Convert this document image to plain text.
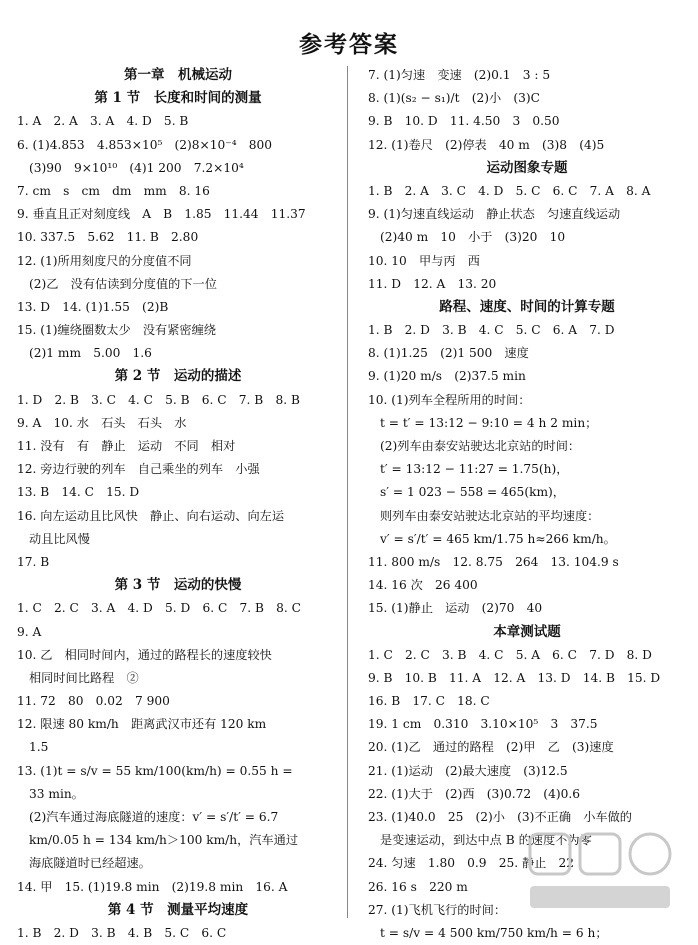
参考答案
第一章　机械运动
第 1 节　长度和时间的测量
1. A　2. A　3. A　4. D　5. B
6. (1)4.853　4.853×10⁵　(2)8×10⁻⁴　800
(3)90　9×10¹⁰　(4)1 200　7.2×10⁴
7. cm　s　cm　dm　mm　8. 16
9. 垂直且正对刻度线　A　B　1.85　11.44　11.37
10. 337.5　5.62　11. B　2.80
12. (1)所用刻度尺的分度值不同
(2)乙　没有估读到分度值的下一位
13. D　14. (1)1.55　(2)B
15. (1)缠绕圈数太少　没有紧密缠绕
(2)1 mm　5.00　1.6
第 2 节　运动的描述
1. D　2. B　3. C　4. C　5. B　6. C　7. B　8. B
9. A　10. 水　石头　石头　水
11. 没有　有　静止　运动　不同　相对
12. 旁边行驶的列车　自己乘坐的列车　小强
13. B　14. C　15. D
16. 向左运动且比风快　静止、向右运动、向左运
动且比风慢
17. B
第 3 节　运动的快慢
1. C　2. C　3. A　4. D　5. D　6. C　7. B　8. C
9. A
10. 乙　相同时间内，通过的路程长的速度较快
相同时间比路程　②
11. 72　80　0.02　7 900
12. 限速 80 km/h　距离武汉市还有 120 km
1.5
13. (1)t = s/v = 55 km/100(km/h) = 0.55 h =
33 min。
(2)汽车通过海底隧道的速度：v′ = s′/t′ = 6.7
km/0.05 h = 134 km/h＞100 km/h，汽车通过
海底隧道时已经超速。
14. 甲　15. (1)19.8 min　(2)19.8 min　16. A
第 4 节　测量平均速度
1. B　2. D　3. B　4. B　5. C　6. C
7. (1)匀速　变速　(2)0.1　3 : 5
8. (1)(s₂ − s₁)/t　(2)小　(3)C
9. B　10. D　11. 4.50　3　0.50
12. (1)卷尺　(2)停表　40 m　(3)8　(4)5
运动图象专题
1. B　2. A　3. C　4. D　5. C　6. C　7. A　8. A
9. (1)匀速直线运动　静止状态　匀速直线运动
(2)40 m　10　小于　(3)20　10
10. 10　甲与丙　西
11. D　12. A　13. 20
路程、速度、时间的计算专题
1. B　2. D　3. B　4. C　5. C　6. A　7. D
8. (1)1.25　(2)1 500　速度
9. (1)20 m/s　(2)37.5 min
10. (1)列车全程所用的时间：
t = t′ = 13:12 − 9:10 = 4 h 2 min；
(2)列车由泰安站驶达北京站的时间：
t′ = 13:12 − 11:27 = 1.75(h)，
s′ = 1 023 − 558 = 465(km)，
则列车由泰安站驶达北京站的平均速度：
v′ = s′/t′ = 465 km/1.75 h≈266 km/h。
11. 800 m/s　12. 8.75　264　13. 104.9 s
14. 16 次　26 400
15. (1)静止　运动　(2)70　40
本章测试题
1. C　2. C　3. B　4. C　5. A　6. C　7. D　8. D
9. B　10. B　11. A　12. A　13. D　14. B　15. D
16. B　17. C　18. C
19. 1 cm　0.310　3.10×10⁵　3　37.5
20. (1)乙　通过的路程　(2)甲　乙　(3)速度
21. (1)运动　(2)最大速度　(3)12.5
22. (1)大于　(2)西　(3)0.72　(4)0.6
23. (1)40.0　25　(2)小　(3)不正确　小车做的
是变速运动，到达中点 B 的速度不为零
24. 匀速　1.80　0.9　25. 静止　22
26. 16 s　220 m
27. (1)飞机飞行的时间：
t = s/v = 4 500 km/750 km/h = 6 h；
